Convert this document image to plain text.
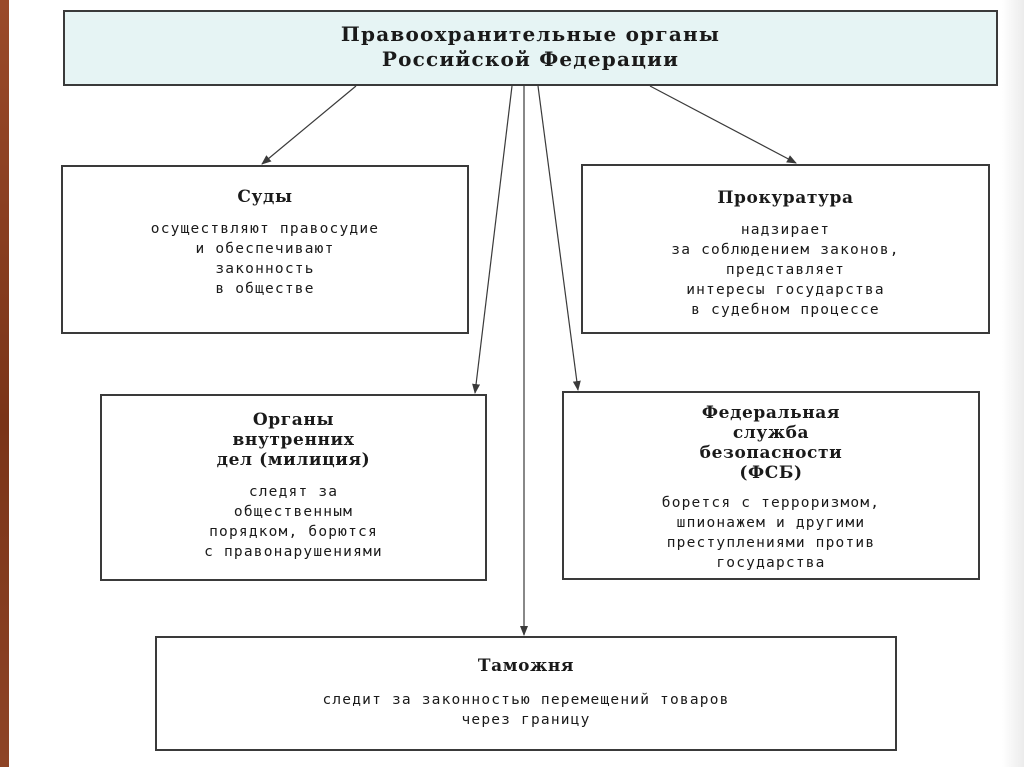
Правоохранительные органы
Российской Федерации
Суды
осуществляют правосудие
и обеспечивают
законность
в обществе
Прокуратура
надзирает
за соблюдением законов,
представляет
интересы государства
в судебном процессе
Органы
внутренних
дел (милиция)
следят за
общественным
порядком, борются
с правонарушениями
Федеральная
служба
безопасности
(ФСБ)
борется с терроризмом,
шпионажем и другими
преступлениями против
государства
Таможня
следит за законностью перемещений товаров
через границу
